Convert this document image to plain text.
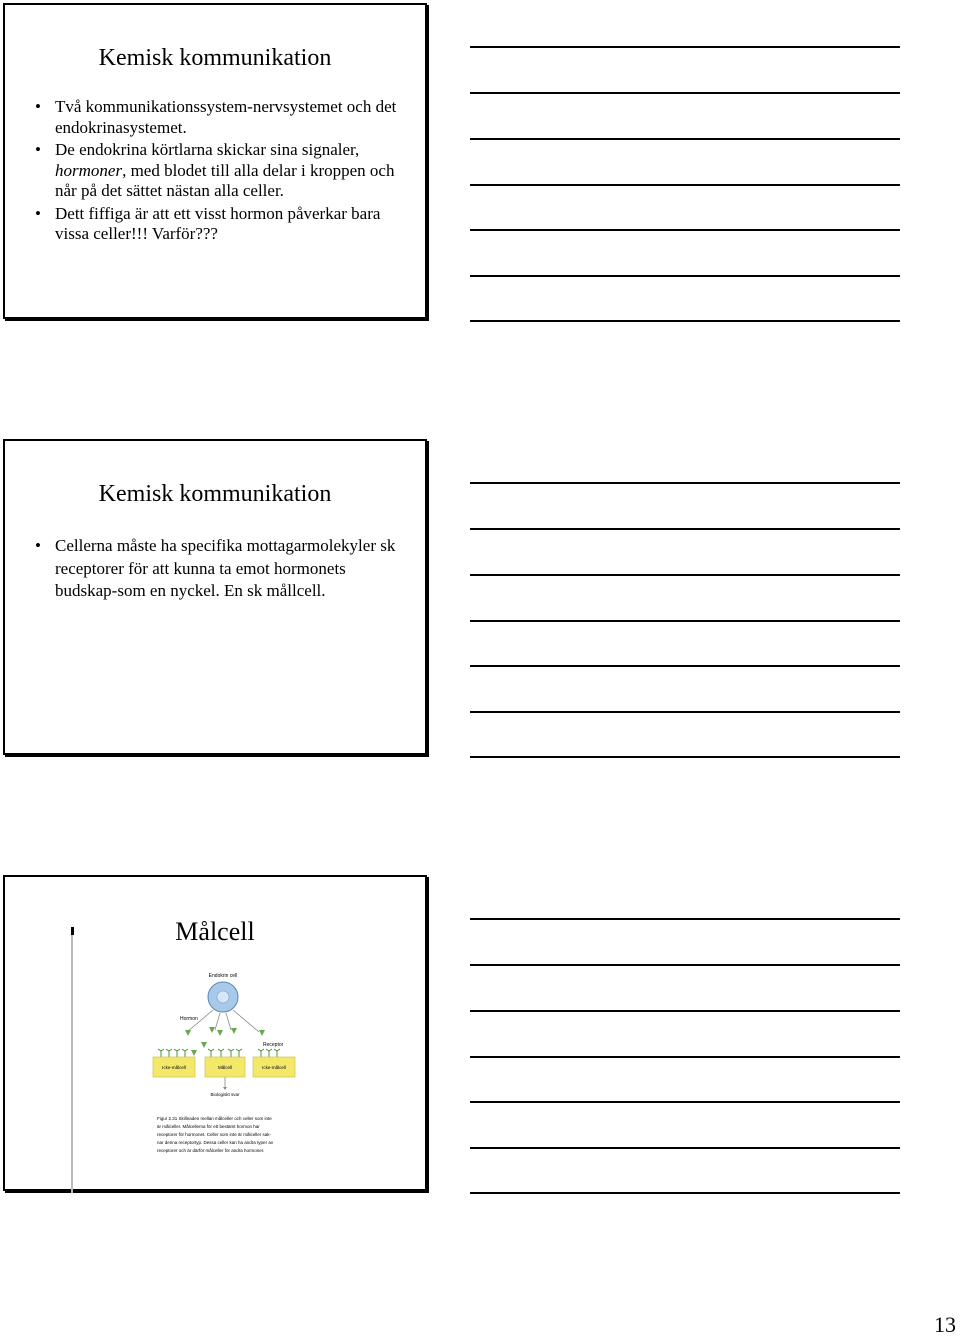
Kemisk kommunikation
• Två kommunikationssystem-nervsystemet och det endokrinasystemet.
• De endokrina körtlarna skickar sina signaler, hormoner, med blodet till alla delar i kroppen och når på det sättet nästan alla celler.
• Dett fiffiga är att ett visst hormon påverkar bara vissa celler!!! Varför???
Kemisk kommunikation
• Cellerna måste ha specifika mottagarmolekyler sk receptorer för att kunna ta emot hormonets budskap-som en nyckel. En sk mållcell.
Målcell
Endokrin cell
Hormon
Receptor
Icke-målcell	Målcell	Icke-målcell
Biologiskt svar
Figur 2.31 Skillnaden mellan målceller och celler som inte
är målceller. Målcellerna för ett bestämt hormon har
receptorer för hormonet. Celler som inte är målceller sak-
nar denna receptortyp. Dessa celler kan ha andra typer av
receptorer och är därför målceller för andra hormoner.
13
